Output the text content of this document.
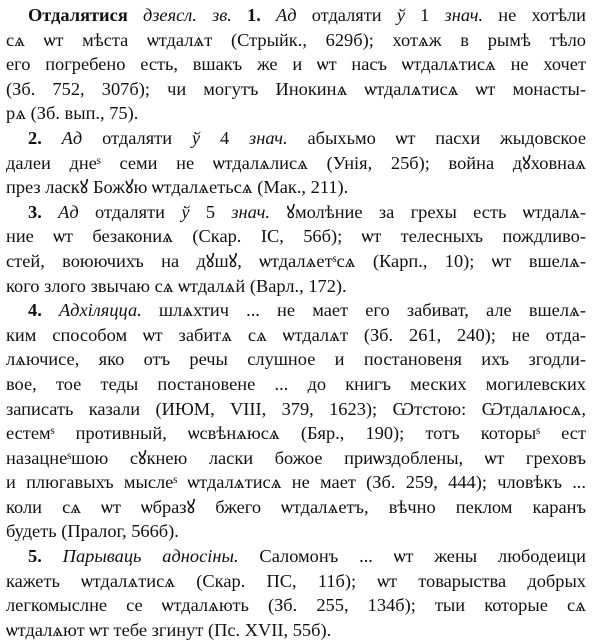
Отдалятися дзеясл. зв. 1. Ад отдаляти ў 1 знач. не хотѣли
сѧ ѡт мѣста ѡтдалѧт (Стрыйк., 629б); хотѧж в рымѣ тѣло
его погребено есть, вшакъ же и ѡт насъ ѡтдалѧтисѧ не хочет
(Зб. 752, 307б); чи могутъ Инокинѧ ѡтдалѧтисѧ ѡт монасты-
рѧ (Зб. вып., 75).

2. Ад отдаляти ў 4 знач. абыхьмо ѡт пасхи жыдовское
далеи днеˢ семи не ѡтдалѧлисѧ (Унія, 25б); война дꙋховнаѧ
през ласкꙋ Божꙋю ѡтдалѧетьсѧ (Мак., 211).

3. Ад отдаляти ў 5 знач. ꙋмолѣние за грехы есть ѡтдалѧ-
ние ѡт безакониѧ (Скар. ІС, 56б); ѡт телесныхъ пождливо-
стей, воюючихъ на дꙋшꙋ, ѡтдалѧетˢсѧ (Карп., 10); ѡт вшелѧ-
кого злого звычаю сѧ ѡтдалѧй (Варл., 172).

4. Адхіляцца. шлѧхтич ... не мает его забиват, але вшелѧ-
ким способом ѡт забитѧ сѧ ѡтдалѧт (Зб. 261, 240); не отда-
лѧючисе, яко отъ речы слушное и постановеня ихъ згодли-
вое, тое теды постановене ... до книгъ меских могилевских
записать казали (ИЮМ, VIII, 379, 1623); Ѡтстою: Ѡтдалѧюсѧ,
естемˢ противный, ѡсвѣнѧюсѧ (Бяр., 190); тотъ которыˢ ест
назацнеˢшою сꙋкнею ласки божое приѡздоблены, ѡт греховъ
и плюгавыхъ мыслеˢ ѡтдалѧтисѧ не мает (Зб. 259, 444); чловѣкъ ...
коли сѧ ѡт ѡбразꙋ бжего ѡтдалѧетъ, вѣчно пеклом каранъ
будеть (Пралог, 566б).

5. Парываць адносіны. Саломонъ ... ѡт жены любодеици
кажеть ѡтдалѧтисѧ (Скар. ПС, 11б); ѡт товарыства добрых
легкомыслне се ѡтдалѧють (Зб. 255, 134б); тыи которые сѧ
ѡтдалѧют ѡт тебе згинут (Пс. XVII, 55б).
